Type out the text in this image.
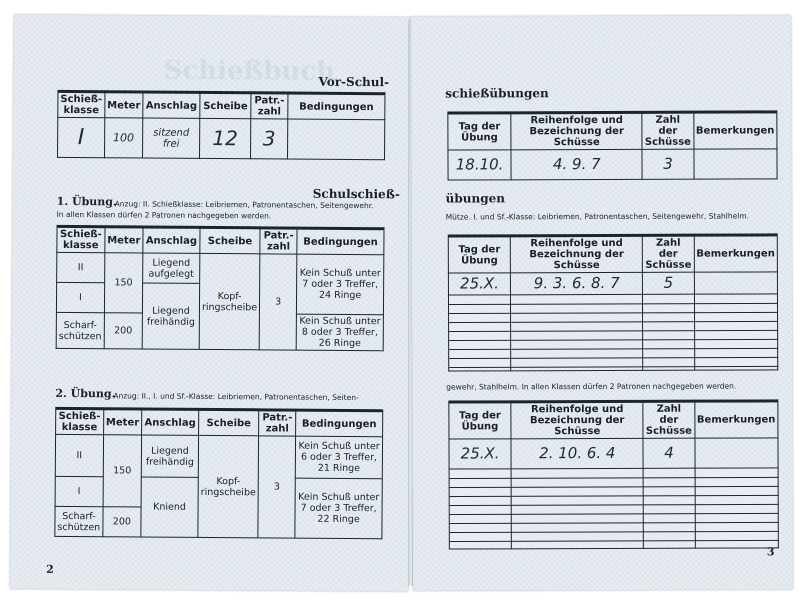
Schießbuch
Vor-Schul-
Schieß-klasse	Meter	Anschlag	Scheibe	Patr.-zahl	Bedingungen
I	100	sitzend frei	12	3	
Schulschieß-
1. Übung.
Anzug: II. Schießklasse: Leibriemen, Patronentaschen, Seitengewehr.
In allen Klassen dürfen 2 Patronen nachgegeben werden.
Schieß-klasse	Meter	Anschlag	Scheibe	Patr.-zahl	Bedingungen
II	150	Liegend aufgelegt	Kopf-ringscheibe	3	Kein Schuß unter 7 oder 3 Treffer, 24 Ringe
I		Liegend freihändig			
Scharf-schützen	200				Kein Schuß unter 8 oder 3 Treffer, 26 Ringe
2. Übung.
Anzug: II., I. und Sf.-Klasse: Leibriemen, Patronentaschen, Seiten-
Schieß-klasse	Meter	Anschlag	Scheibe	Patr.-zahl	Bedingungen
II	150	Liegend freihändig	Kopf-ringscheibe	3	Kein Schuß unter 6 oder 3 Treffer, 21 Ringe
I		Kniend			Kein Schuß unter 7 oder 3 Treffer, 22 Ringe
Scharf-schützen	200				
2
schießübungen
Tag der Übung	Reihenfolge und Bezeichnung der Schüsse	Zahl der Schüsse	Bemerkungen
18.10.	4. 9. 7	3	
übungen
Mütze. I. und Sf.-Klasse: Leibriemen, Patronentaschen, Seitengewehr, Stahlhelm.
Tag der Übung	Reihenfolge und Bezeichnung der Schüsse	Zahl der Schüsse	Bemerkungen
25.X.	9. 3. 6. 8. 7	5	

gewehr, Stahlhelm. In allen Klassen dürfen 2 Patronen nachgegeben werden.
Tag der Übung	Reihenfolge und Bezeichnung der Schüsse	Zahl der Schüsse	Bemerkungen
25.X.	2. 10. 6. 4	4	

3
